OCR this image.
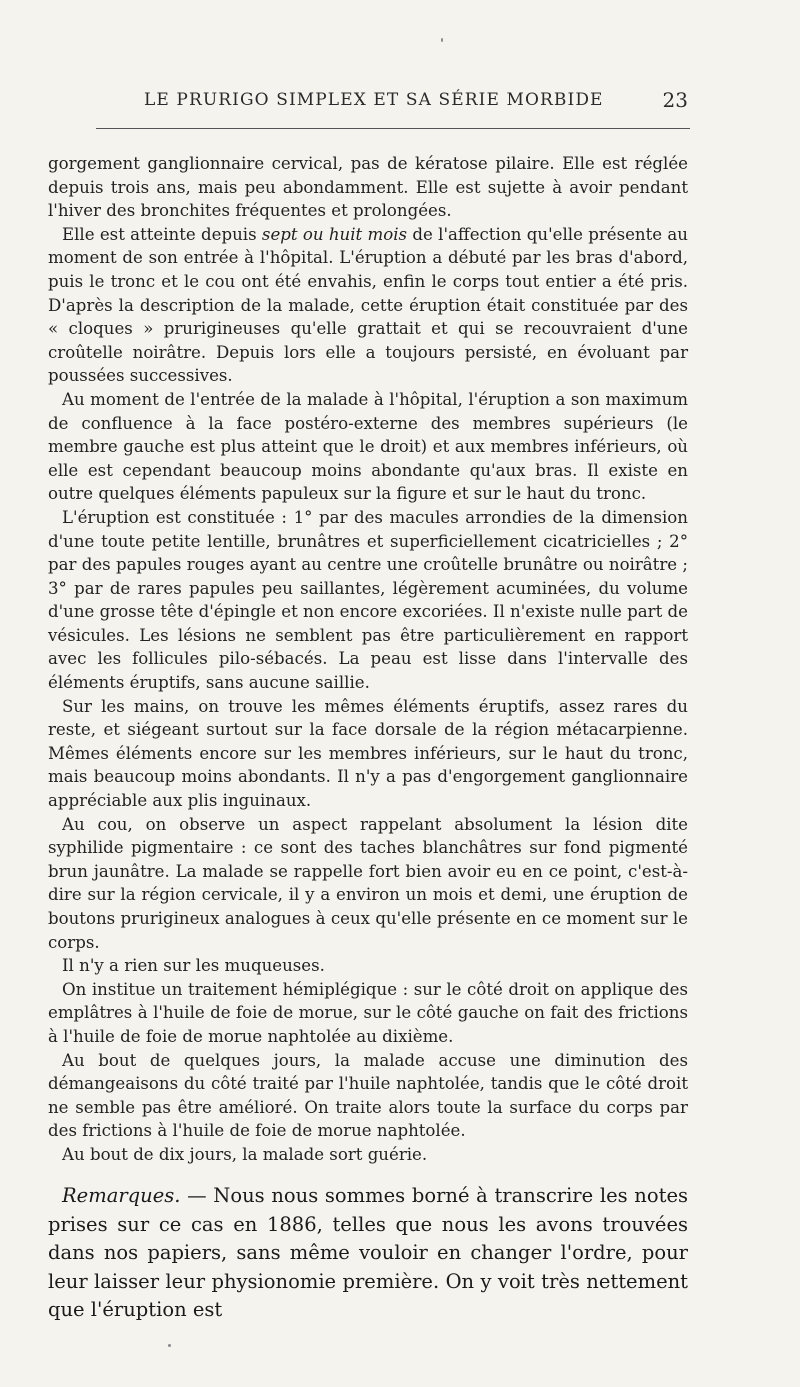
LE PRURIGO SIMPLEX ET SA SÉRIE MORBIDE	23

gorgement ganglionnaire cervical, pas de kératose pilaire. Elle est réglée depuis trois ans, mais peu abondamment. Elle est sujette à avoir pendant l'hiver des bronchites fréquentes et prolongées.

Elle est atteinte depuis sept ou huit mois de l'affection qu'elle présente au moment de son entrée à l'hôpital. L'éruption a débuté par les bras d'abord, puis le tronc et le cou ont été envahis, enfin le corps tout entier a été pris. D'après la description de la malade, cette éruption était constituée par des « cloques » prurigineuses qu'elle grattait et qui se recouvraient d'une croûtelle noirâtre. Depuis lors elle a toujours persisté, en évoluant par poussées successives.

Au moment de l'entrée de la malade à l'hôpital, l'éruption a son maximum de confluence à la face postéro-externe des membres supérieurs (le membre gauche est plus atteint que le droit) et aux membres inférieurs, où elle est cependant beaucoup moins abondante qu'aux bras. Il existe en outre quelques éléments papuleux sur la figure et sur le haut du tronc.

L'éruption est constituée : 1° par des macules arrondies de la dimension d'une toute petite lentille, brunâtres et superficiellement cicatricielles ; 2° par des papules rouges ayant au centre une croûtelle brunâtre ou noirâtre ; 3° par de rares papules peu saillantes, légèrement acuminées, du volume d'une grosse tête d'épingle et non encore excoriées. Il n'existe nulle part de vésicules. Les lésions ne semblent pas être particulièrement en rapport avec les follicules pilo-sébacés. La peau est lisse dans l'intervalle des éléments éruptifs, sans aucune saillie.

Sur les mains, on trouve les mêmes éléments éruptifs, assez rares du reste, et siégeant surtout sur la face dorsale de la région métacarpienne. Mêmes éléments encore sur les membres inférieurs, sur le haut du tronc, mais beaucoup moins abondants. Il n'y a pas d'engorgement ganglionnaire appréciable aux plis inguinaux.

Au cou, on observe un aspect rappelant absolument la lésion dite syphilide pigmentaire : ce sont des taches blanchâtres sur fond pigmenté brun jaunâtre. La malade se rappelle fort bien avoir eu en ce point, c'est-à-dire sur la région cervicale, il y a environ un mois et demi, une éruption de boutons prurigineux analogues à ceux qu'elle présente en ce moment sur le corps.

Il n'y a rien sur les muqueuses.

On institue un traitement hémiplégique : sur le côté droit on applique des emplâtres à l'huile de foie de morue, sur le côté gauche on fait des frictions à l'huile de foie de morue naphtolée au dixième.

Au bout de quelques jours, la malade accuse une diminution des démangeaisons du côté traité par l'huile naphtolée, tandis que le côté droit ne semble pas être amélioré. On traite alors toute la surface du corps par des frictions à l'huile de foie de morue naphtolée.

Au bout de dix jours, la malade sort guérie.

Remarques. — Nous nous sommes borné à transcrire les notes prises sur ce cas en 1886, telles que nous les avons trouvées dans nos papiers, sans même vouloir en changer l'ordre, pour leur laisser leur physionomie première. On y voit très nettement que l'éruption est
